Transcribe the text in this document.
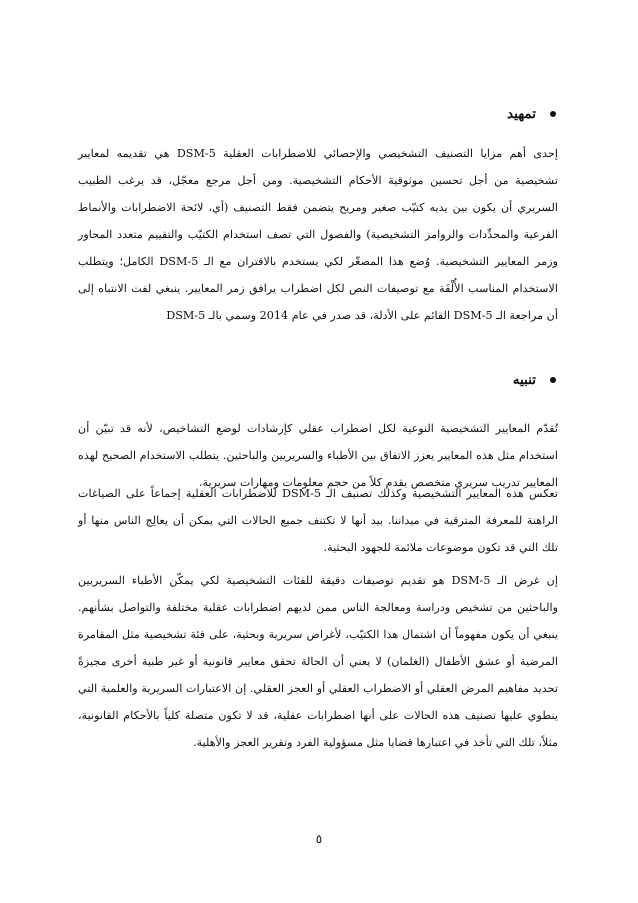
تمهيد

إحدى أهم مزايا التصنيف التشخيصي والإحصائي للاضطرابات العقلية DSM-5 هي تقديمه لمعايير تشخيصية من أجل تحسين موثوقية الأحكام التشخيصية. ومن أجل مرجع معجّل، قد يرغب الطبيب السريري أن يكون بين يديه كتيّب صغير ومريح يتضمن فقط التصنيف (أي، لائحة الاضطرابات والأنماط الفرعية والمحدِّدات والروامز التشخيصية) والفصول التي تصف استخدام الكتيّب والتقييم متعدد المحاور وزمر المعايير التشخيصية. وُضع هذا المصغّر لكي يستخدم بالاقتران مع الـ DSM-5 الكامل؛ ويتطلب الاستخدام المناسب الأُلْفَة مع توصيفات النص لكل اضطراب يرافق زمر المعايير. ينبغي لفت الانتباه إلى أن مراجعة الـ DSM-5 القائم على الأدلة، قد صدر في عام 2014 وسمي بالـ DSM-5

تنبيه

تُقدّم المعايير التشخيصية النوعية لكل اضطراب عقلي كإرشادات لوضع التشاخيص، لأنه قد تبيّن أن استخدام مثل هذه المعايير يعزز الاتفاق بين الأطباء والسريريين والباحثين. يتطلب الاستخدام الصحيح لهذه المعايير تدريب سريري متخصص يقدم كلاً من حجم معلومات ومهارات سريرية.

تعكس هذه المعايير التشخيصية وكذلك تصنيف الـ DSM-5 للاضطرابات العقلية إجماعاً على الصياغات الراهنة للمعرفة المترقية في ميداننا. بيد أنها لا تكتنف جميع الحالات التي يمكن أن يعالِج الناس منها أو تلك التي قد تكون موضوعات ملائمة للجهود البحثية.

إن غرض الـ DSM-5 هو تقديم توصيفات دقيقة للفئات التشخيصية لكي يمكّن الأطباء السريريين والباحثين من تشخيص ودراسة ومعالجة الناس ممن لديهم اضطرابات عقلية مختلفة والتواصل بشأنهم. ينبغي أن يكون مفهوماً أن اشتمال هذا الكتيّب، لأغراض سريرية وبحثية، على فئة تشخيصية مثل المقامرة المرضية أو عشق الأطفال (الغلمان) لا يعني أن الحالة تحقق معايير قانونية أو غير طبية أخرى مجيزةً تحديد مفاهيم المرض العقلي أو الاضطراب العقلي أو العجز العقلي. إن الاعتبارات السريرية والعلمية التي ينطوي عليها تصنيف هذه الحالات على أنها اضطرابات عقلية، قد لا تكون متصلة كلياً بالأحكام القانونية، مثلاً، تلك التي تأخذ في اعتبارها قضايا مثل مسؤولية الفرد وتقرير العجز والأهلية.

٥
